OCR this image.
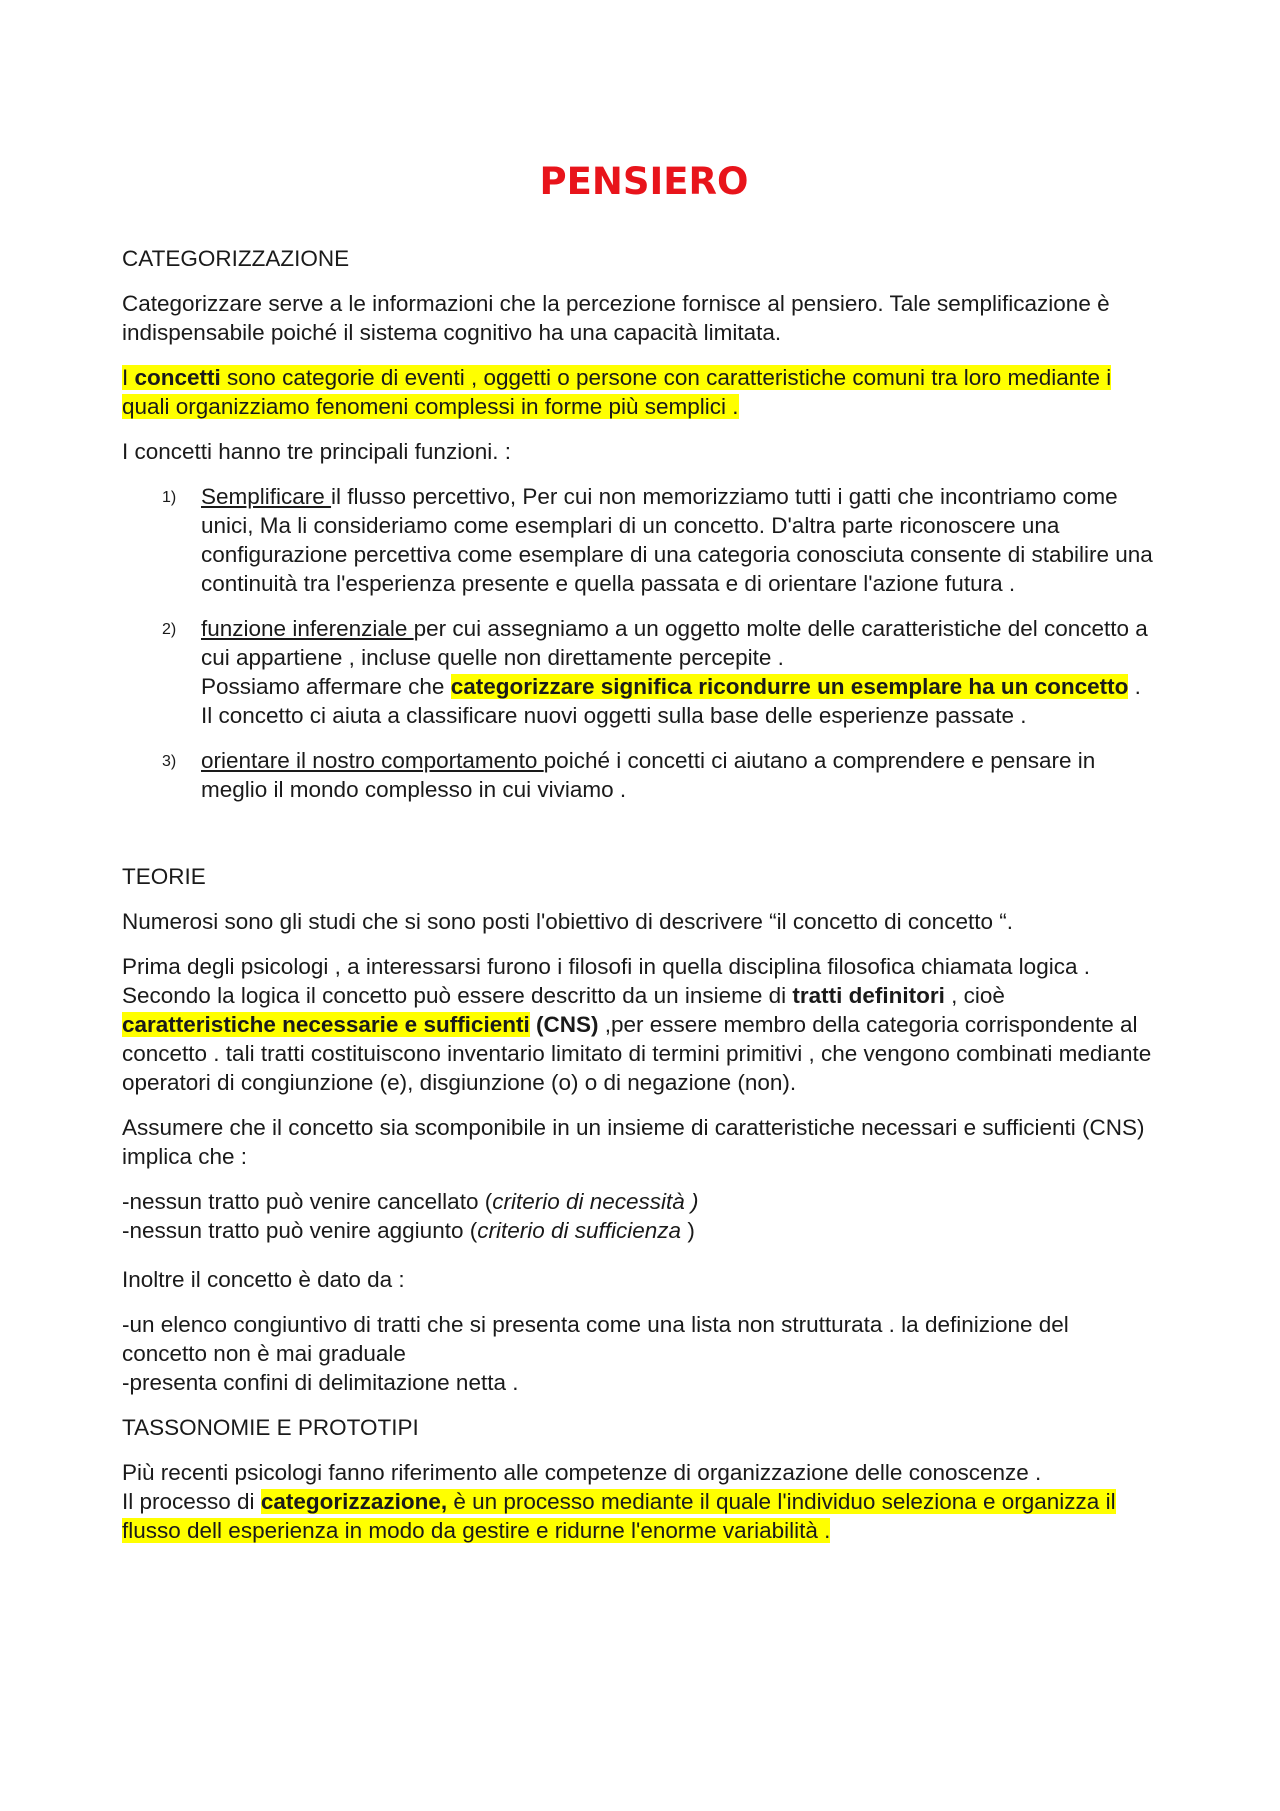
PENSIERO

CATEGORIZZAZIONE

Categorizzare serve a le informazioni che la percezione fornisce al pensiero. Tale semplificazione è indispensabile poiché il sistema cognitivo ha una capacità limitata.

I concetti sono categorie di eventi , oggetti o persone con caratteristiche comuni tra loro mediante i quali organizziamo fenomeni complessi in forme più semplici .

I concetti hanno tre principali funzioni. :

1) Semplificare il flusso percettivo, Per cui non memorizziamo tutti i gatti che incontriamo come unici, Ma li consideriamo come esemplari di un concetto. D'altra parte riconoscere una configurazione percettiva come esemplare di una categoria conosciuta consente di stabilire una continuità tra l'esperienza presente e quella passata e di orientare l'azione futura .
2) funzione inferenziale per cui assegniamo a un oggetto molte delle caratteristiche del concetto a cui appartiene , incluse quelle non direttamente percepite .
Possiamo affermare che categorizzare significa ricondurre un esemplare ha un concetto .
Il concetto ci aiuta a classificare nuovi oggetti sulla base delle esperienze passate .
3) orientare il nostro comportamento poiché i concetti ci aiutano a comprendere e pensare in meglio il mondo complesso in cui viviamo .

TEORIE

Numerosi sono gli studi che si sono posti l'obiettivo di descrivere “il concetto di concetto “.

Prima degli psicologi , a interessarsi furono i filosofi in quella disciplina filosofica chiamata logica . Secondo la logica il concetto può essere descritto da un insieme di tratti definitori , cioè caratteristiche necessarie e sufficienti (CNS) ,per essere membro della categoria corrispondente al concetto . tali tratti costituiscono inventario limitato di termini primitivi , che vengono combinati mediante operatori di congiunzione (e), disgiunzione (o) o di negazione (non).

Assumere che il concetto sia scomponibile in un insieme di caratteristiche necessari e sufficienti (CNS) implica che :

-nessun tratto può venire cancellato (criterio di necessità )
-nessun tratto può venire aggiunto (criterio di sufficienza )

Inoltre il concetto è dato da :

-un elenco congiuntivo di tratti che si presenta come una lista non strutturata . la definizione del concetto non è mai graduale
-presenta confini di delimitazione netta .

TASSONOMIE E PROTOTIPI

Più recenti psicologi fanno riferimento alle competenze di organizzazione delle conoscenze .
Il processo di categorizzazione, è un processo mediante il quale l'individuo seleziona e organizza il flusso dell esperienza in modo da gestire e ridurne l'enorme variabilità .
